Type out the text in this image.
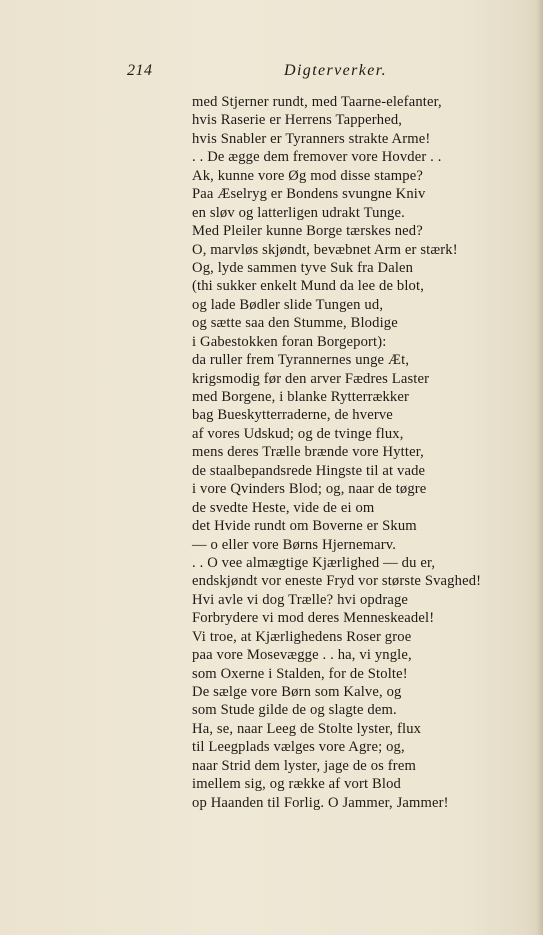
214	Digterverker.
med Stjerner rundt, med Taarne-elefanter,
hvis Raserie er Herrens Tapperhed,
hvis Snabler er Tyranners strakte Arme!
. . De ægge dem fremover vore Hovder . .
Ak, kunne vore Øg mod disse stampe?
Paa Æselryg er Bondens svungne Kniv
en sløv og latterligen udrakt Tunge.
Med Pleiler kunne Borge tærskes ned?
O, marvløs skjøndt, bevæbnet Arm er stærk!
Og, lyde sammen tyve Suk fra Dalen
(thi sukker enkelt Mund da lee de blot,
og lade Bødler slide Tungen ud,
og sætte saa den Stumme, Blodige
i Gabestokken foran Borgeport):
da ruller frem Tyrannernes unge Æt,
krigsmodig før den arver Fædres Laster
med Borgene, i blanke Rytterrækker
bag Bueskytterraderne, de hverve
af vores Udskud; og de tvinge flux,
mens deres Trælle brænde vore Hytter,
de staalbepandsrede Hingste til at vade
i vore Qvinders Blod; og, naar de tøgre
de svedte Heste, vide de ei om
det Hvide rundt om Boverne er Skum
— o eller vore Børns Hjernemarv.
. . O vee almægtige Kjærlighed — du er,
endskjøndt vor eneste Fryd vor største Svaghed!
Hvi avle vi dog Trælle? hvi opdrage
Forbrydere vi mod deres Menneskeadel!
Vi troe, at Kjærlighedens Roser groe
paa vore Mosevægge . . ha, vi yngle,
som Oxerne i Stalden, for de Stolte!
De sælge vore Børn som Kalve, og
som Stude gilde de og slagte dem.
Ha, se, naar Leeg de Stolte lyster, flux
til Leegplads vælges vore Agre; og,
naar Strid dem lyster, jage de os frem
imellem sig, og række af vort Blod
op Haanden til Forlig. O Jammer, Jammer!
